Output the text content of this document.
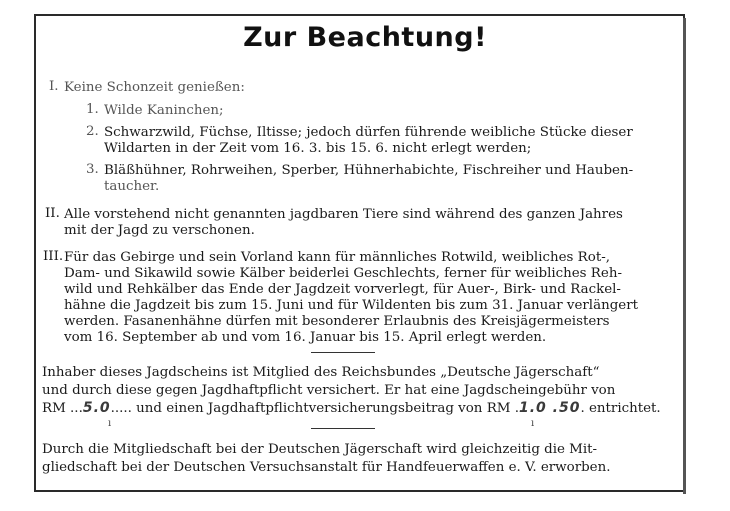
Zur Beachtung!
I. Keine Schonzeit genießen:
1. Wilde Kaninchen;
2. Schwarzwild, Füchse, Iltisse; jedoch dürfen führende weibliche Stücke dieser
Wildarten in der Zeit vom 16. 3. bis 15. 6. nicht erlegt werden;
3. Bläßhühner, Rohrweihen, Sperber, Hühnerhabichte, Fischreiher und Hauben-
taucher.
II. Alle vorstehend nicht genannten jagdbaren Tiere sind während des ganzen Jahres
mit der Jagd zu verschonen.
III. Für das Gebirge und sein Vorland kann für männliches Rotwild, weibliches Rot-,
Dam- und Sikawild sowie Kälber beiderlei Geschlechts, ferner für weibliches Reh-
wild und Rehkälber das Ende der Jagdzeit vorverlegt, für Auer-, Birk- und Rackel-
hähne die Jagdzeit bis zum 15. Juni und für Wildenten bis zum 31. Januar verlängert
werden. Fasanenhähne dürfen mit besonderer Erlaubnis des Kreisjägermeisters
vom 16. September ab und vom 16. Januar bis 15. April erlegt werden.
Inhaber dieses Jagdscheins ist Mitglied des Reichsbundes „Deutsche Jägerschaft“
und durch diese gegen Jagdhaftpflicht versichert. Er hat eine Jagdscheingebühr von
RM ...5.0..... und einen Jagdhaftpflichtversicherungsbeitrag von RM .1.0 .50. entrichtet.
ı	ı
Durch die Mitgliedschaft bei der Deutschen Jägerschaft wird gleichzeitig die Mit-
gliedschaft bei der Deutschen Versuchsanstalt für Handfeuerwaffen e. V. erworben.
